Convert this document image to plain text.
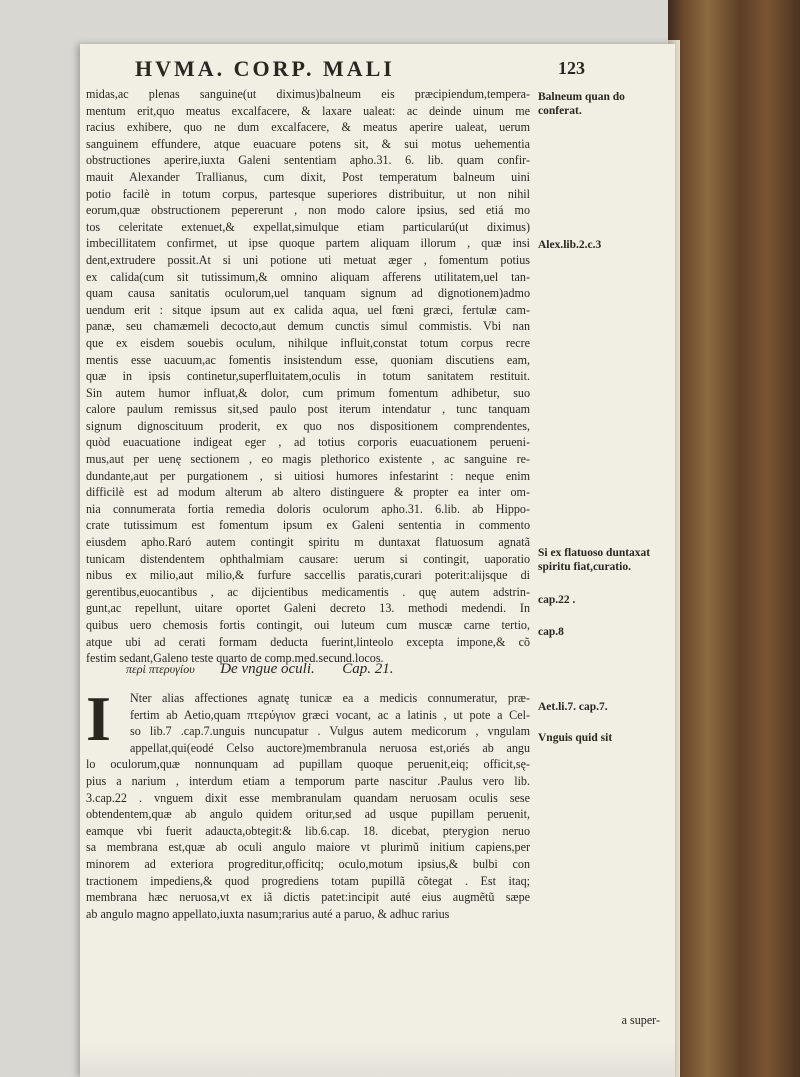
HVMA. CORP. MALI	123
midas,ac plenas sanguine(ut diximus)balneum eis præcipiendum,tempera-
mentum erit,quo meatus excalfacere, & laxare ualeat: ac deinde uinum me
racius exhibere, quo ne dum excalfacere, & meatus aperire ualeat, uerum
sanguinem effundere, atque euacuare potens sit, & sui motus uehementia
obstructiones aperire,iuxta Galeni sententiam apho.31. 6. lib. quam confir-
mauit Alexander Trallianus, cum dixit, Post temperatum balneum uini
potio facilè in totum corpus, partesque superiores distribuitur, ut non nihil
eorum,quæ obstructionem pepererunt , non modo calore ipsius, sed etiá mo
tos celeritate extenuet,& expellat,simulque etiam particularú(ut diximus)
imbecillitatem confirmet, ut ipse quoque partem aliquam illorum , quæ insi
dent,extrudere possit.At si uni potione uti metuat æger , fomentum potius
ex calida(cum sit tutissimum,& omnino aliquam afferens utilitatem,uel tan-
quam causa sanitatis oculorum,uel tanquam signum ad dignotionem)admo
uendum erit : sitque ipsum aut ex calida aqua, uel fœni græci, fertulæ cam-
panæ, seu chamæmeli decocto,aut demum cunctis simul commistis. Vbi nan
que ex eisdem souebis oculum, nihilque influit,constat totum corpus recre
mentis esse uacuum,ac fomentis insistendum esse, quoniam discutiens eam,
quæ in ipsis continetur,superfluitatem,oculis in totum sanitatem restituit.
Sin autem humor influat,& dolor, cum primum fomentum adhibetur, suo
calore paulum remissus sit,sed paulo post iterum intendatur , tunc tanquam
signum dignoscituum proderit, ex quo nos dispositionem comprendentes,
quòd euacuatione indigeat eger , ad totius corporis euacuationem perueni-
mus,aut per uenę sectionem , eo magis plethorico existente , ac sanguine re-
dundante,aut per purgationem , si uitiosi humores infestarint : neque enim
difficilè est ad modum alterum ab altero distinguere & propter ea inter om-
nia connumerata fortia remedia doloris oculorum apho.31. 6.lib. ab Hippo-
crate tutissimum est fomentum ipsum ex Galeni sententia in commento
eiusdem apho.Raró autem contingit spiritu m duntaxat flatuosum agnatã
tunicam distendentem ophthalmiam causare: uerum si contingit, uaporatio
nibus ex milio,aut milio,& furfure saccellis paratis,curari poterit:alijsque di
gerentibus,euocantibus , ac dijcientibus medicamentis . quę autem adstrin-
gunt,ac repellunt, uitare oportet Galeni decreto 13. methodi medendi. In
quibus uero chemosis fortis contingit, oui luteum cum muscæ carne tertio,
atque ubi ad cerati formam deducta fuerint,linteolo excepta impone,& cõ
festim sedant,Galeno teste quarto de comp.med.secund.locos.
περὶ πτερυγίου De vngue oculi. Cap. 21.
I	Nter alias affectiones agnatę tunicæ ea a medicis connumeratur, præ-
fertim ab Aetio,quam πτερύγιον græci vocant, ac a latinis , ut pote a Cel-
so lib.7 .cap.7.unguis nuncupatur . Vulgus autem medicorum , vngulam
appellat,qui(eodé Celso auctore)membranula neruosa est,oriés ab angu
lo oculorum,quæ nonnunquam ad pupillam quoque peruenit,eiq; officit,sę-
pius a narium , interdum etiam a temporum parte nascitur .Paulus vero lib.
3.cap.22 . vnguem dixit esse membranulam quandam neruosam oculis sese
obtendentem,quæ ab angulo quidem oritur,sed ad usque pupillam peruenit,
eamque vbi fuerit adaucta,obtegit:& lib.6.cap. 18. dicebat, pterygion neruo
sa membrana est,quæ ab oculi angulo maiore vt plurimũ initium capiens,per
minorem ad exteriora progreditur,officitq; oculo,motum ipsius,& bulbi con
tractionem impediens,& quod progrediens totam pupillã cõtegat . Est itaq;
membrana hæc neruosa,vt ex iã dictis patet:incipit auté eius augmẽtũ sæpe
ab angulo magno appellato,iuxta nasum;rarius auté a paruo, & adhuc rarius
Balneum quan do conferat.
Alex.lib.2.c.3
Si ex flatuoso duntaxat spiritu fiat,curatio.
cap.22 .
cap.8
Aet.li.7. cap.7.
Vnguis quid sit
a super-
